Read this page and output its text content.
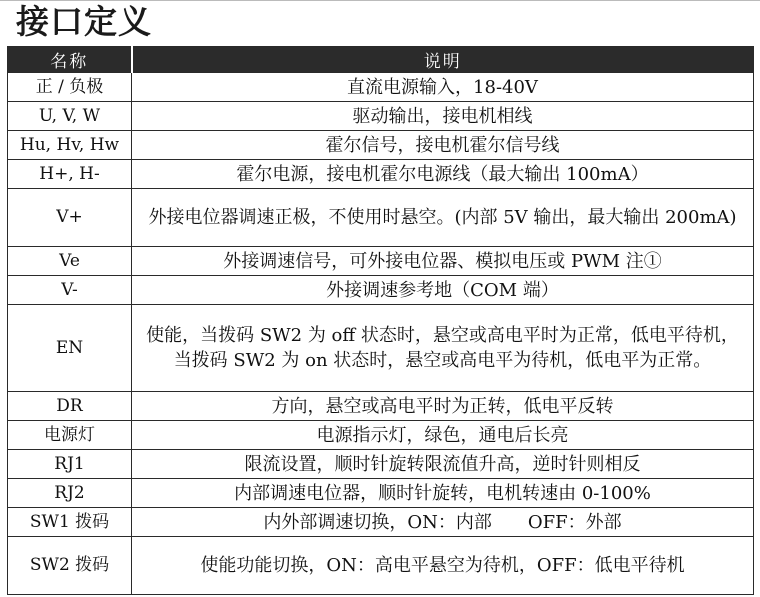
接口定义
名称	说明
正 / 负极	直流电源输入，18-40V
U, V, W	驱动输出，接电机相线
Hu, Hv, Hw	霍尔信号，接电机霍尔信号线
H+, H-	霍尔电源，接电机霍尔电源线（最大输出 100mA）
V+	外接电位器调速正极，不使用时悬空。(内部 5V 输出，最大输出 200mA)
Ve	外接调速信号，可外接电位器、模拟电压或 PWM 注①
V-	外接调速参考地（COM 端）
EN	使能，当拨码 SW2 为 off 状态时，悬空或高电平时为正常，低电平待机，当拨码 SW2 为 on 状态时，悬空或高电平为待机，低电平为正常。
DR	方向，悬空或高电平时为正转，低电平反转
电源灯	电源指示灯，绿色，通电后长亮
RJ1	限流设置，顺时针旋转限流值升高，逆时针则相反
RJ2	内部调速电位器，顺时针旋转，电机转速由 0-100%
SW1 拨码	内外部调速切换，ON：内部　　OFF：外部
SW2 拨码	使能功能切换，ON：高电平悬空为待机，OFF：低电平待机
